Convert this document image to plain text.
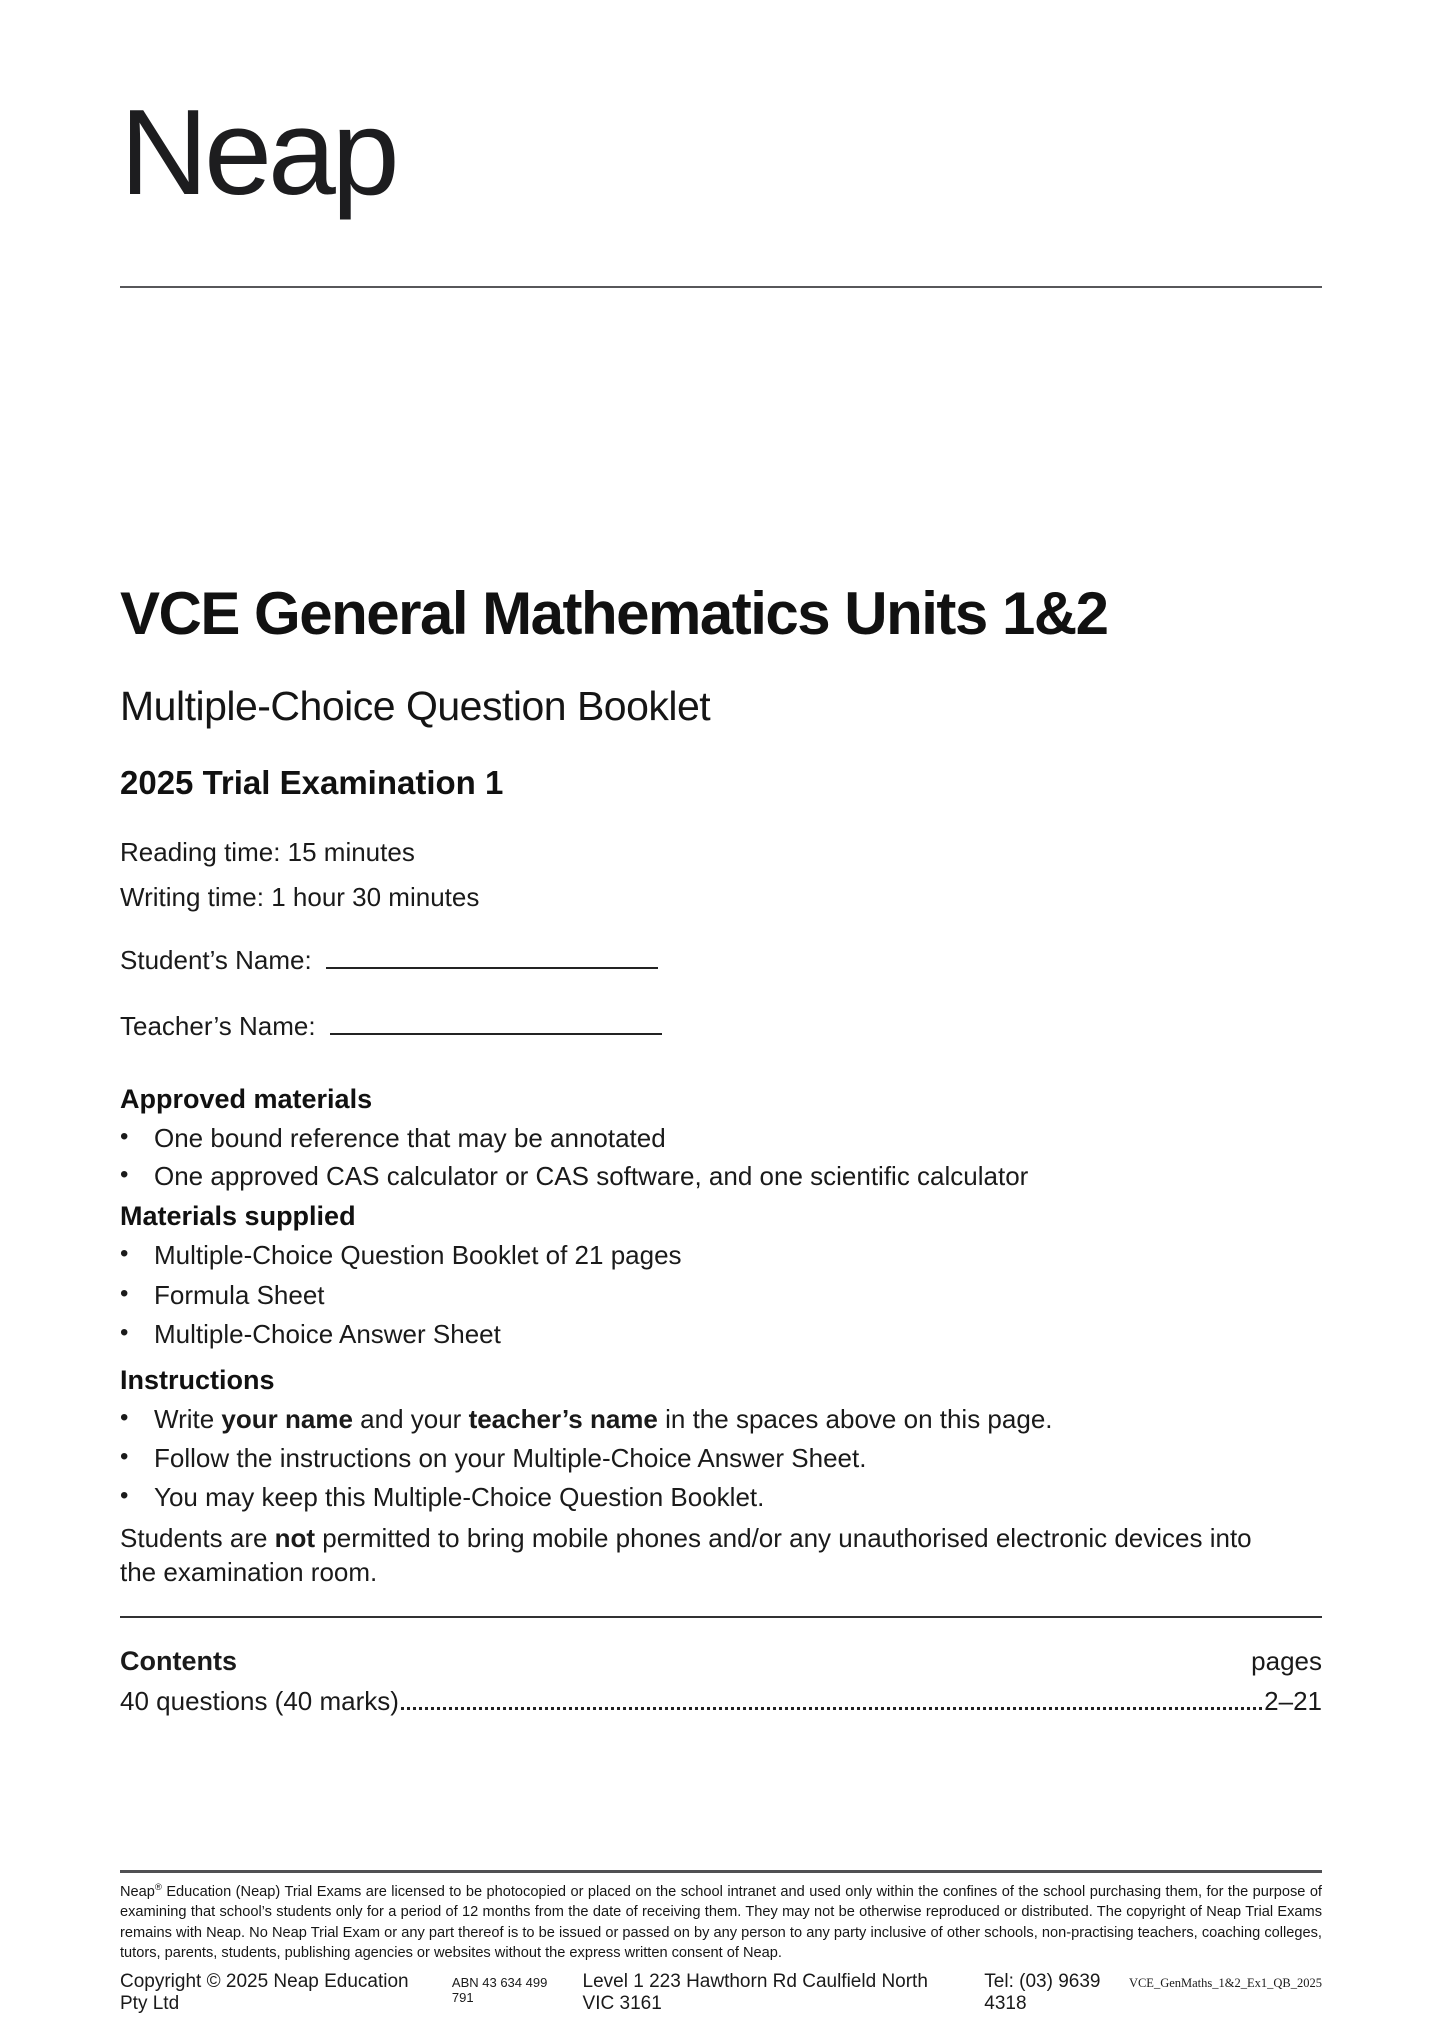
Neap
VCE General Mathematics Units 1&2
Multiple-Choice Question Booklet
2025 Trial Examination 1
Reading time: 15 minutes
Writing time: 1 hour 30 minutes
Student’s Name:
Teacher’s Name:
Approved materials
• One bound reference that may be annotated
• One approved CAS calculator or CAS software, and one scientific calculator
Materials supplied
• Multiple-Choice Question Booklet of 21 pages
• Formula Sheet
• Multiple-Choice Answer Sheet
Instructions
• Write your name and your teacher’s name in the spaces above on this page.
• Follow the instructions on your Multiple-Choice Answer Sheet.
• You may keep this Multiple-Choice Question Booklet.
Students are not permitted to bring mobile phones and/or any unauthorised electronic devices into the examination room.
Contents	pages
40 questions (40 marks)	2–21
Neap® Education (Neap) Trial Exams are licensed to be photocopied or placed on the school intranet and used only within the confines of the school purchasing them, for the purpose of examining that school’s students only for a period of 12 months from the date of receiving them. They may not be otherwise reproduced or distributed. The copyright of Neap Trial Exams remains with Neap. No Neap Trial Exam or any part thereof is to be issued or passed on by any person to any party inclusive of other schools, non-practising teachers, coaching colleges, tutors, parents, students, publishing agencies or websites without the express written consent of Neap.
Copyright © 2025 Neap Education Pty Ltd
ABN 43 634 499 791
Level 1 223 Hawthorn Rd Caulfield North VIC 3161
Tel: (03) 9639 4318
VCE_GenMaths_1&2_Ex1_QB_2025
